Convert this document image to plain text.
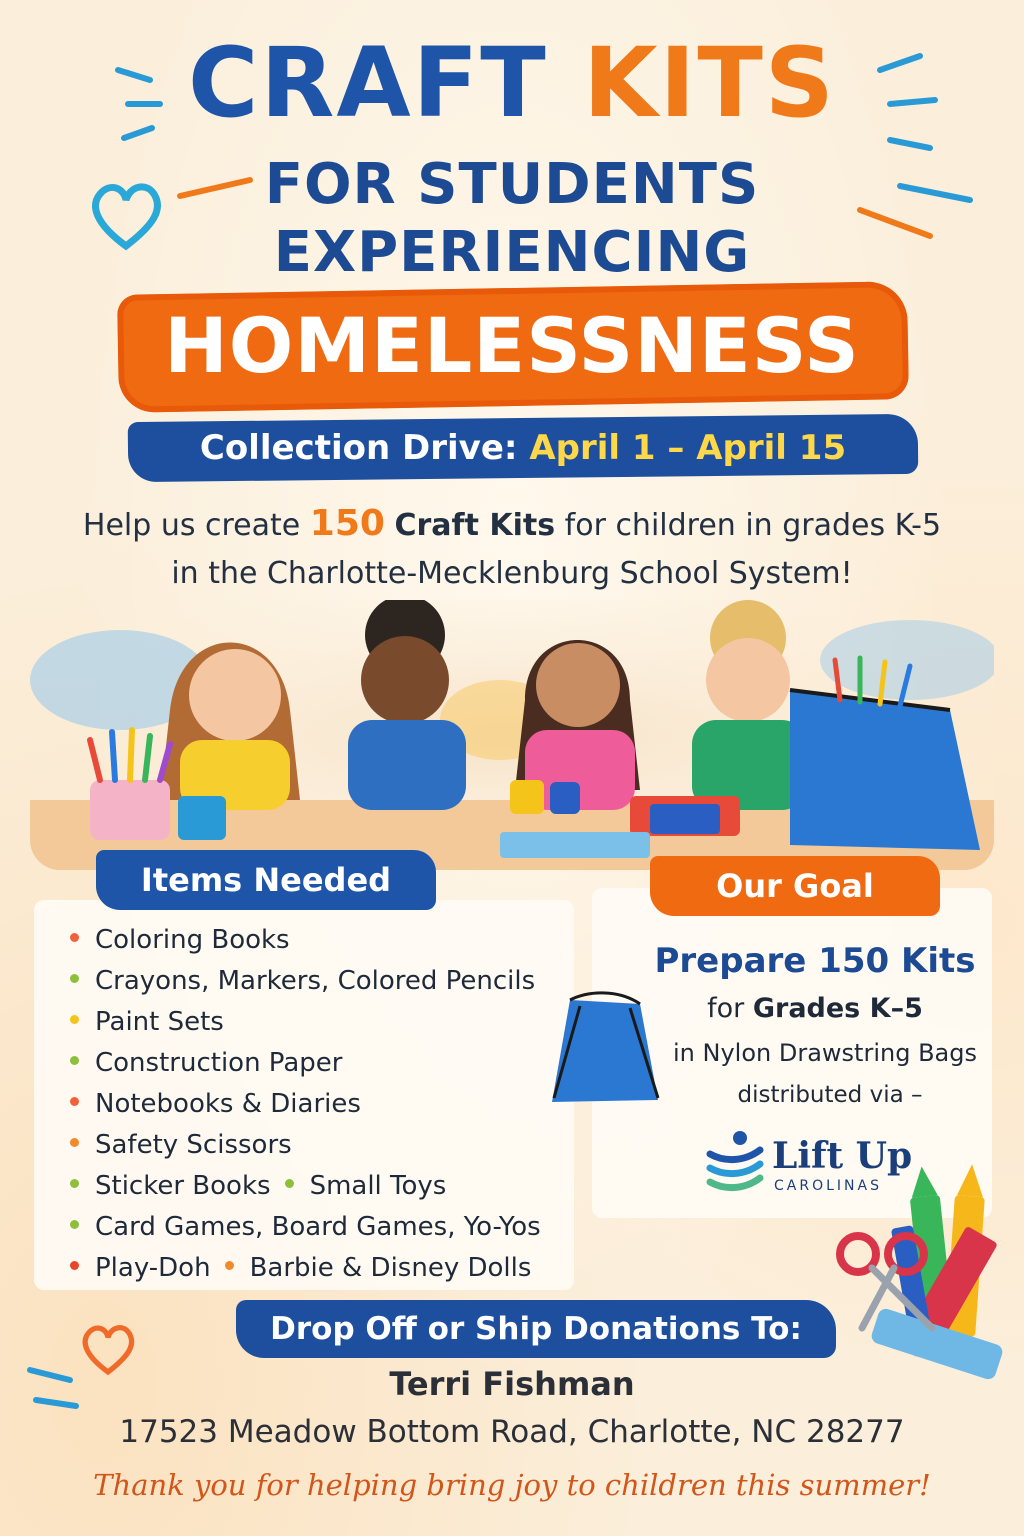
CRAFT KITS
FOR STUDENTS
EXPERIENCING
HOMELESSNESS
Collection Drive: April 1 – April 15
Help us create 150 Craft Kits for children in grades K-5
in the Charlotte-Mecklenburg School System!
Items Needed
Coloring Books
Crayons, Markers, Colored Pencils
Paint Sets
Construction Paper
Notebooks & Diaries
Safety Scissors
Sticker Books Small Toys
Card Games, Board Games, Yo-Yos
Play-Doh Barbie & Disney Dolls
Our Goal
Prepare 150 Kits
for Grades K–5
in Nylon Drawstring Bags
distributed via –
Lift Up
CAROLINAS
Drop Off or Ship Donations To:
Terri Fishman
17523 Meadow Bottom Road, Charlotte, NC 28277
Thank you for helping bring joy to children this summer!
